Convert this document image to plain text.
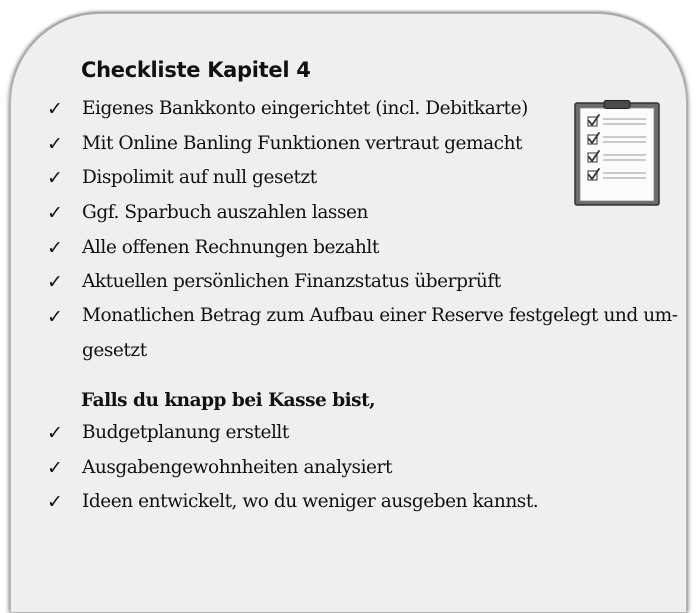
Checkliste Kapitel 4
✓ Eigenes Bankkonto eingerichtet (incl. Debitkarte)
✓ Mit Online Banling Funktionen vertraut gemacht
✓ Dispolimit auf null gesetzt
✓ Ggf. Sparbuch auszahlen lassen
✓ Alle offenen Rechnungen bezahlt
✓ Aktuellen persönlichen Finanzstatus überprüft
✓ Monatlichen Betrag zum Aufbau einer Reserve festgelegt und umgesetzt
Falls du knapp bei Kasse bist,
✓ Budgetplanung erstellt
✓ Ausgabengewohnheiten analysiert
✓ Ideen entwickelt, wo du weniger ausgeben kannst.
